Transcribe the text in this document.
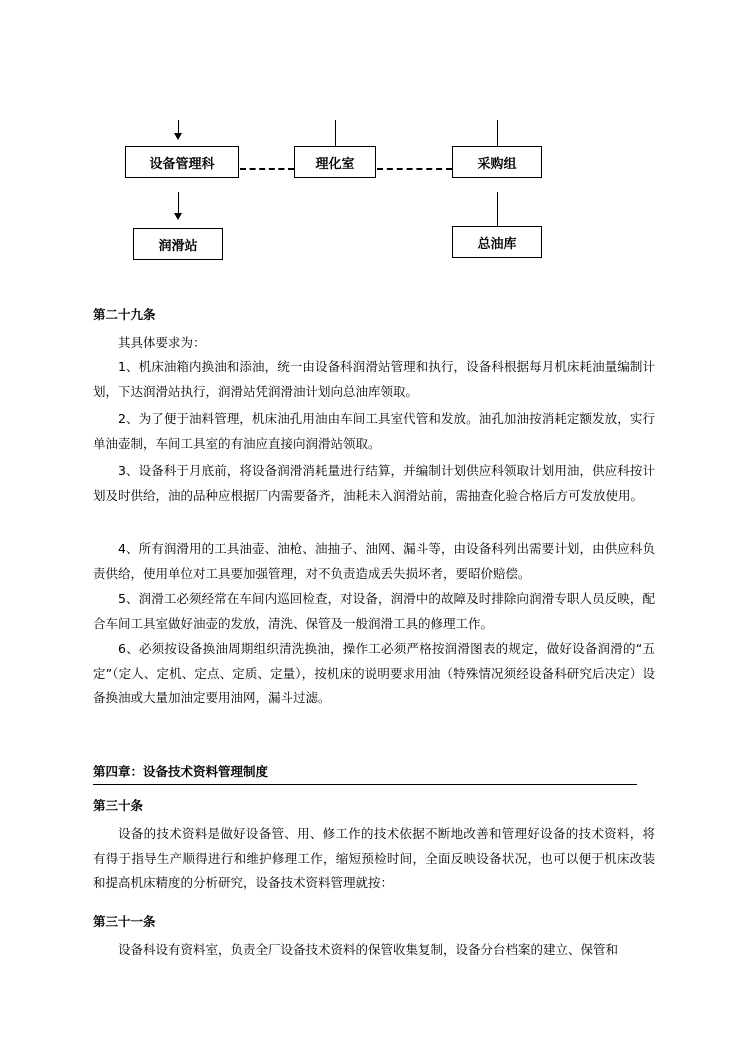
设备管理科	理化室	采购组
润滑站	总油库
第二十九条

其具体要求为：

1、机床油箱内换油和添油，统一由设备科润滑站管理和执行，设备科根据每月机床耗油量编制计划，下达润滑站执行，润滑站凭润滑油计划向总油库领取。

2、为了便于油料管理，机床油孔用油由车间工具室代管和发放。油孔加油按消耗定额发放，实行单油壶制，车间工具室的有油应直接向润滑站领取。

3、设备科于月底前，将设备润滑消耗量进行结算，并编制计划供应科领取计划用油，供应科按计划及时供给，油的品种应根据厂内需要备齐，油耗未入润滑站前，需抽查化验合格后方可发放使用。

4、所有润滑用的工具油壶、油枪、油抽子、油网、漏斗等，由设备科列出需要计划，由供应科负责供给，使用单位对工具要加强管理，对不负责造成丢失损坏者，要昭价赔偿。

5、润滑工必须经常在车间内巡回检查，对设备，润滑中的故障及时排除向润滑专职人员反映，配合车间工具室做好油壶的发放，清洗、保管及一般润滑工具的修理工作。

6、必须按设备换油周期组织清洗换油，操作工必须严格按润滑图表的规定，做好设备润滑的“五定”（定人、定机、定点、定质、定量），按机床的说明要求用油（特殊情况须经设备科研究后决定）设备换油或大量加油定要用油网，漏斗过滤。

第四章：设备技术资料管理制度
第三十条

设备的技术资料是做好设备管、用、修工作的技术依据不断地改善和管理好设备的技术资料，将有得于指导生产顺得进行和维护修理工作，缩短预检时间，全面反映设备状况，也可以便于机床改装和提高机床精度的分析研究，设备技术资料管理就按：

第三十一条

设备科设有资料室，负责全厂设备技术资料的保管收集复制，设备分台档案的建立、保管和
